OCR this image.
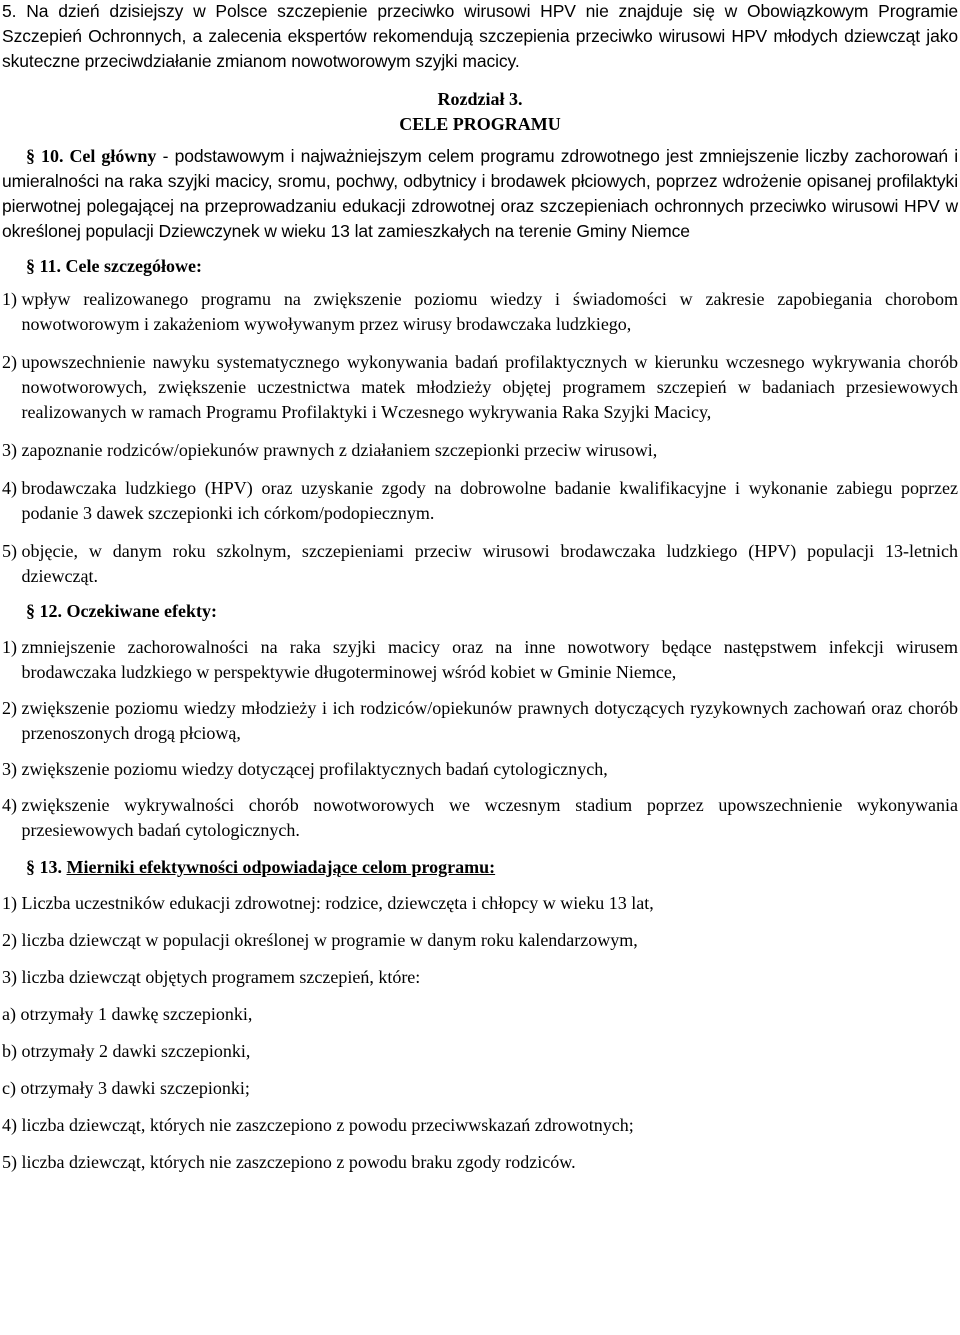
5. Na dzień dzisiejszy w Polsce szczepienie przeciwko wirusowi HPV nie znajduje się w Obowiązkowym Programie Szczepień Ochronnych, a zalecenia ekspertów rekomendują szczepienia przeciwko wirusowi HPV młodych dziewcząt jako skuteczne przeciwdziałanie zmianom nowotworowym szyjki macicy.

Rozdział 3.

CELE PROGRAMU

§ 10. Cel główny - podstawowym i najważniejszym celem programu zdrowotnego jest zmniejszenie liczby zachorowań i umieralności na raka szyjki macicy, sromu, pochwy, odbytnicy i brodawek płciowych, poprzez wdrożenie opisanej profilaktyki pierwotnej polegającej na przeprowadzaniu edukacji zdrowotnej oraz szczepieniach ochronnych przeciwko wirusowi HPV w określonej populacji Dziewczynek w wieku 13 lat zamieszkałych na terenie Gminy Niemce

§ 11. Cele szczegółowe:

1) wpływ realizowanego programu na zwiększenie poziomu wiedzy i świadomości w zakresie zapobiegania chorobom nowotworowym i zakażeniom wywoływanym przez wirusy brodawczaka ludzkiego,
2) upowszechnienie nawyku systematycznego wykonywania badań profilaktycznych w kierunku wczesnego wykrywania chorób nowotworowych, zwiększenie uczestnictwa matek młodzieży objętej programem szczepień w badaniach przesiewowych realizowanych w ramach Programu Profilaktyki i Wczesnego wykrywania Raka Szyjki Macicy,
3) zapoznanie rodziców/opiekunów prawnych z działaniem szczepionki przeciw wirusowi,
4) brodawczaka ludzkiego (HPV) oraz uzyskanie zgody na dobrowolne badanie kwalifikacyjne i wykonanie zabiegu poprzez podanie 3 dawek szczepionki ich córkom/podopiecznym.
5) objęcie, w danym roku szkolnym, szczepieniami przeciw wirusowi brodawczaka ludzkiego (HPV) populacji 13-letnich dziewcząt.

§ 12. Oczekiwane efekty:

1) zmniejszenie zachorowalności na raka szyjki macicy oraz na inne nowotwory będące następstwem infekcji wirusem brodawczaka ludzkiego w perspektywie długoterminowej wśród kobiet w Gminie Niemce,
2) zwiększenie poziomu wiedzy młodzieży i ich rodziców/opiekunów prawnych dotyczących ryzykownych zachowań oraz chorób przenoszonych drogą płciową,
3) zwiększenie poziomu wiedzy dotyczącej profilaktycznych badań cytologicznych,
4) zwiększenie wykrywalności chorób nowotworowych we wczesnym stadium poprzez upowszechnienie wykonywania przesiewowych badań cytologicznych.

§ 13. Mierniki efektywności odpowiadające celom programu:

1) Liczba uczestników edukacji zdrowotnej: rodzice, dziewczęta i chłopcy w wieku 13 lat,

2) liczba dziewcząt w populacji określonej w programie w danym roku kalendarzowym,

3) liczba dziewcząt objętych programem szczepień, które:

a) otrzymały 1 dawkę szczepionki,

b) otrzymały 2 dawki szczepionki,

c) otrzymały 3 dawki szczepionki;

4) liczba dziewcząt, których nie zaszczepiono z powodu przeciwwskazań zdrowotnych;

5) liczba dziewcząt, których nie zaszczepiono z powodu braku zgody rodziców.
